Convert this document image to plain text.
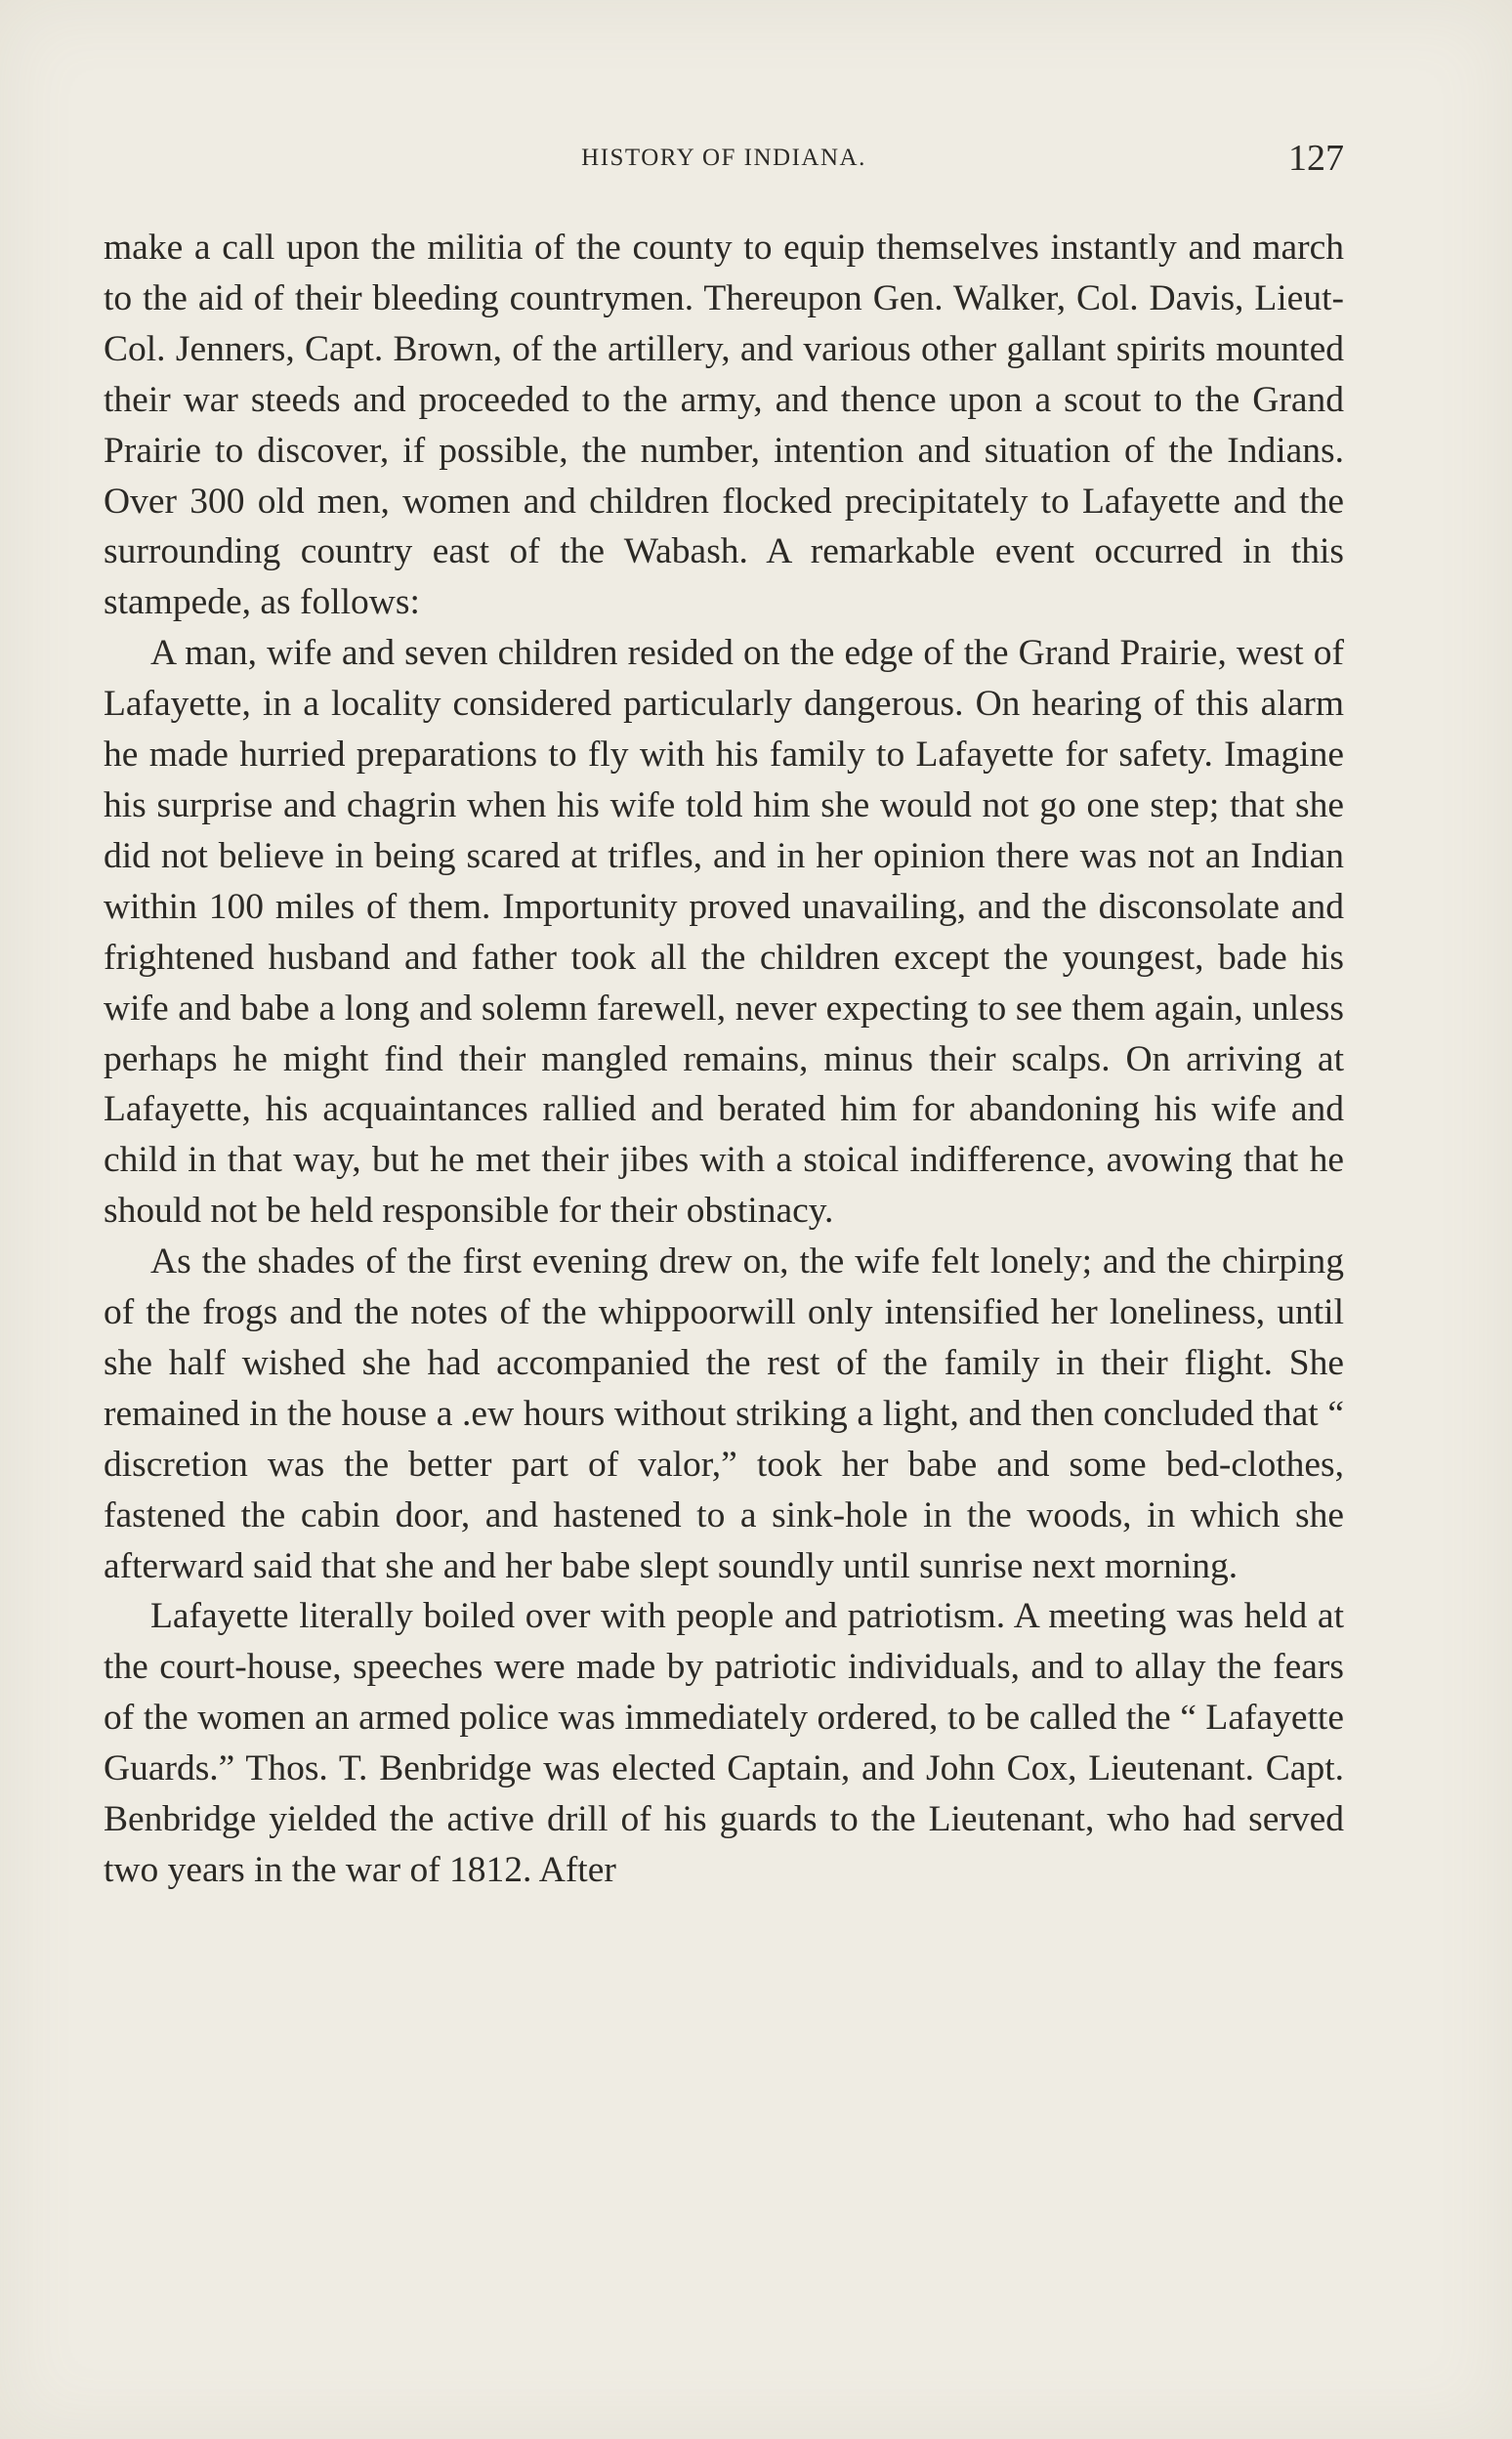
HISTORY OF INDIANA.	127

make a call upon the militia of the county to equip themselves instantly and march to the aid of their bleeding countrymen. Thereupon Gen. Walker, Col. Davis, Lieut-Col. Jenners, Capt. Brown, of the artillery, and various other gallant spirits mounted their war steeds and proceeded to the army, and thence upon a scout to the Grand Prairie to discover, if possible, the number, intention and situation of the Indians. Over 300 old men, women and children flocked precipitately to Lafayette and the surrounding country east of the Wabash. A remarkable event occurred in this stampede, as follows:

A man, wife and seven children resided on the edge of the Grand Prairie, west of Lafayette, in a locality considered particularly dangerous. On hearing of this alarm he made hurried preparations to fly with his family to Lafayette for safety. Imagine his surprise and chagrin when his wife told him she would not go one step; that she did not believe in being scared at trifles, and in her opinion there was not an Indian within 100 miles of them. Importunity proved unavailing, and the disconsolate and frightened husband and father took all the children except the youngest, bade his wife and babe a long and solemn farewell, never expecting to see them again, unless perhaps he might find their mangled remains, minus their scalps. On arriving at Lafayette, his acquaintances rallied and berated him for abandoning his wife and child in that way, but he met their jibes with a stoical indifference, avowing that he should not be held responsible for their obstinacy.

As the shades of the first evening drew on, the wife felt lonely; and the chirping of the frogs and the notes of the whippoorwill only intensified her loneliness, until she half wished she had accompanied the rest of the family in their flight. She remained in the house a .ew hours without striking a light, and then concluded that “ discretion was the better part of valor,” took her babe and some bed-clothes, fastened the cabin door, and hastened to a sink-hole in the woods, in which she afterward said that she and her babe slept soundly until sunrise next morning.

Lafayette literally boiled over with people and patriotism. A meeting was held at the court-house, speeches were made by patriotic individuals, and to allay the fears of the women an armed police was immediately ordered, to be called the “ Lafayette Guards.” Thos. T. Benbridge was elected Captain, and John Cox, Lieutenant. Capt. Benbridge yielded the active drill of his guards to the Lieutenant, who had served two years in the war of 1812. After
